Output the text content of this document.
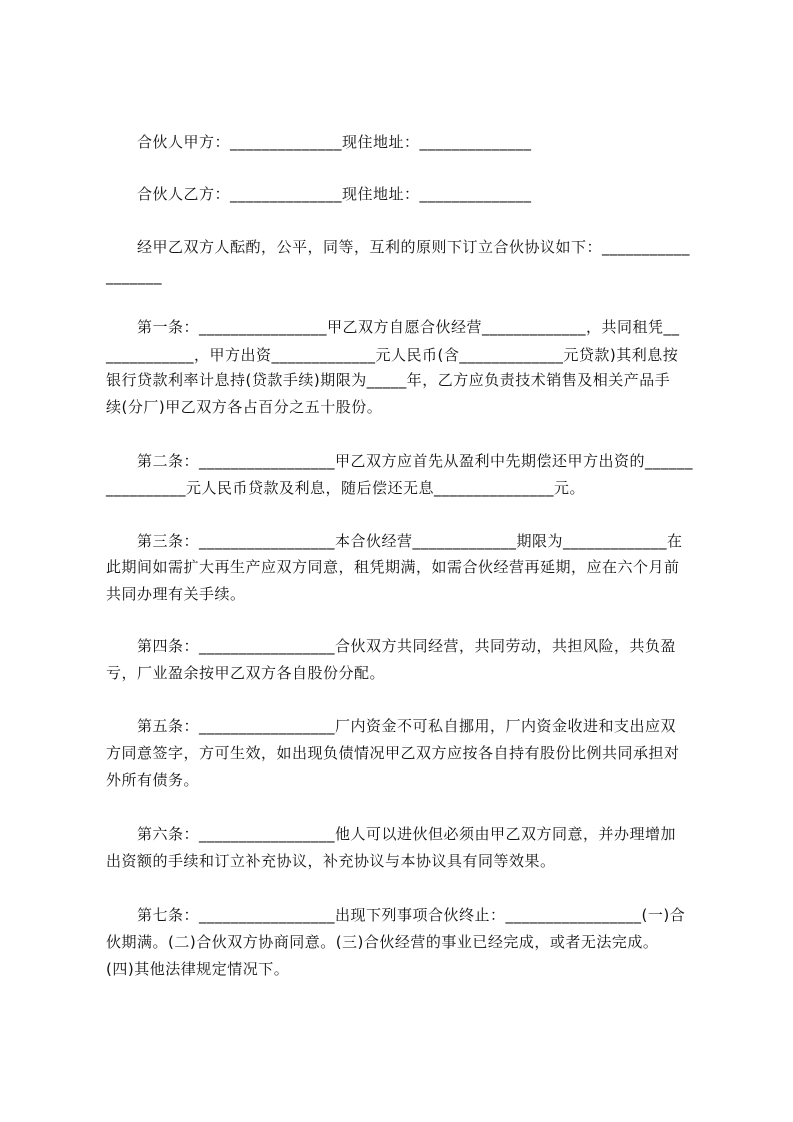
合伙人甲方：______________现住地址：______________
合伙人乙方：______________现住地址：______________
经甲乙双方人酝酌，公平，同等，互利的原则下订立合伙协议如下：___________
_______
第一条：________________甲乙双方自愿合伙经营_____________，共同租凭__
___________，甲方出资_____________元人民币(含_____________元贷款)其利息按
银行贷款利率计息持(贷款手续)期限为_____年，乙方应负责技术销售及相关产品手
续(分厂)甲乙双方各占百分之五十股份。
第二条：_________________甲乙双方应首先从盈利中先期偿还甲方出资的______
__________元人民币贷款及利息，随后偿还无息_______________元。
第三条：_________________本合伙经营_____________期限为_____________在
此期间如需扩大再生产应双方同意，租凭期满，如需合伙经营再延期，应在六个月前
共同办理有关手续。
第四条：_________________合伙双方共同经营，共同劳动，共担风险，共负盈
亏，厂业盈余按甲乙双方各自股份分配。
第五条：_________________厂内资金不可私自挪用，厂内资金收进和支出应双
方同意签字，方可生效，如出现负债情况甲乙双方应按各自持有股份比例共同承担对
外所有债务。
第六条：_________________他人可以进伙但必须由甲乙双方同意，并办理增加
出资额的手续和订立补充协议，补充协议与本协议具有同等效果。
第七条：_________________出现下列事项合伙终止：_________________(一)合
伙期满。(二)合伙双方协商同意。(三)合伙经营的事业已经完成，或者无法完成。
(四)其他法律规定情况下。
